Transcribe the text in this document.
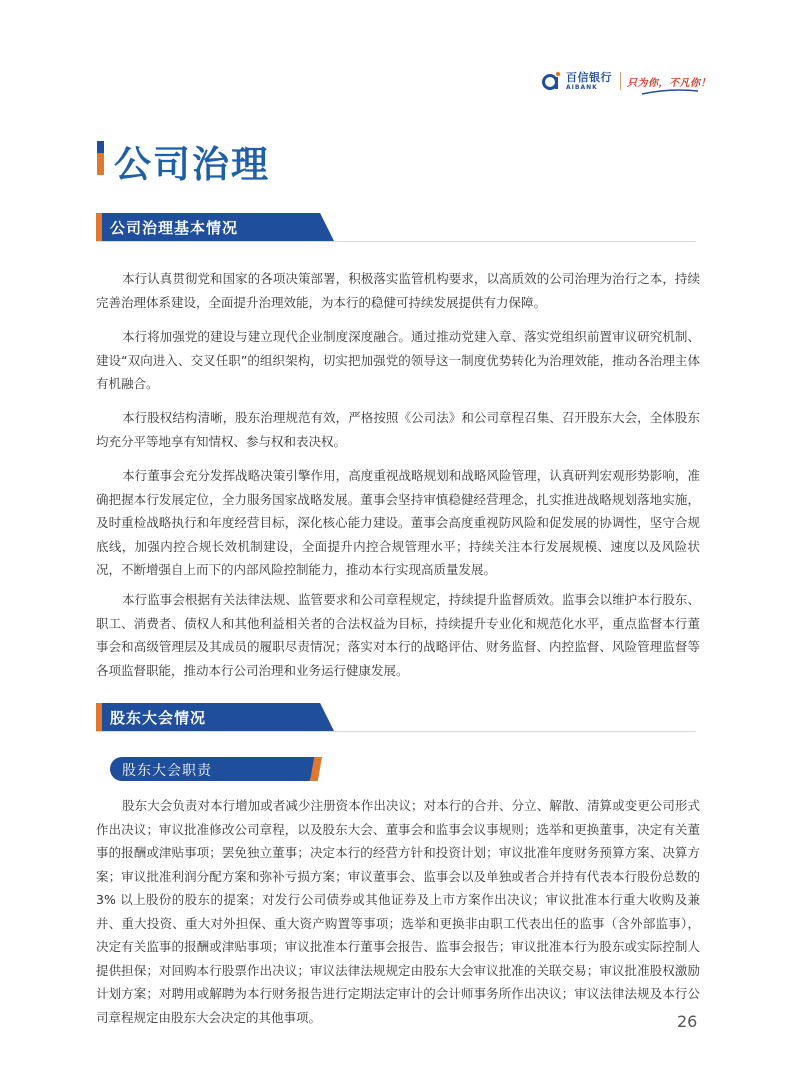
百信银行
AIBANK	只为你，不凡你！
公司治理
公司治理基本情况
本行认真贯彻党和国家的各项决策部署，积极落实监管机构要求，以高质效的公司治理为治行之本，持续完善治理体系建设，全面提升治理效能，为本行的稳健可持续发展提供有力保障。
本行将加强党的建设与建立现代企业制度深度融合。通过推动党建入章、落实党组织前置审议研究机制、建设“双向进入、交叉任职”的组织架构，切实把加强党的领导这一制度优势转化为治理效能，推动各治理主体有机融合。
本行股权结构清晰，股东治理规范有效，严格按照《公司法》和公司章程召集、召开股东大会，全体股东均充分平等地享有知情权、参与权和表决权。
本行董事会充分发挥战略决策引擎作用，高度重视战略规划和战略风险管理，认真研判宏观形势影响，准确把握本行发展定位，全力服务国家战略发展。董事会坚持审慎稳健经营理念，扎实推进战略规划落地实施，及时重检战略执行和年度经营目标，深化核心能力建设。董事会高度重视防风险和促发展的协调性，坚守合规底线，加强内控合规长效机制建设，全面提升内控合规管理水平；持续关注本行发展规模、速度以及风险状况，不断增强自上而下的内部风险控制能力，推动本行实现高质量发展。
本行监事会根据有关法律法规、监管要求和公司章程规定，持续提升监督质效。监事会以维护本行股东、职工、消费者、债权人和其他利益相关者的合法权益为目标，持续提升专业化和规范化水平，重点监督本行董事会和高级管理层及其成员的履职尽责情况；落实对本行的战略评估、财务监督、内控监督、风险管理监督等各项监督职能，推动本行公司治理和业务运行健康发展。
股东大会情况
股东大会职责
股东大会负责对本行增加或者减少注册资本作出决议；对本行的合并、分立、解散、清算或变更公司形式作出决议；审议批准修改公司章程，以及股东大会、董事会和监事会议事规则；选举和更换董事，决定有关董事的报酬或津贴事项；罢免独立董事；决定本行的经营方针和投资计划；审议批准年度财务预算方案、决算方案；审议批准利润分配方案和弥补亏损方案；审议董事会、监事会以及单独或者合并持有代表本行股份总数的 3% 以上股份的股东的提案；对发行公司债券或其他证券及上市方案作出决议；审议批准本行重大收购及兼并、重大投资、重大对外担保、重大资产购置等事项；选举和更换非由职工代表出任的监事（含外部监事），决定有关监事的报酬或津贴事项；审议批准本行董事会报告、监事会报告；审议批准本行为股东或实际控制人提供担保；对回购本行股票作出决议；审议法律法规规定由股东大会审议批准的关联交易；审议批准股权激励计划方案；对聘用或解聘为本行财务报告进行定期法定审计的会计师事务所作出决议；审议法律法规及本行公司章程规定由股东大会决定的其他事项。	26
